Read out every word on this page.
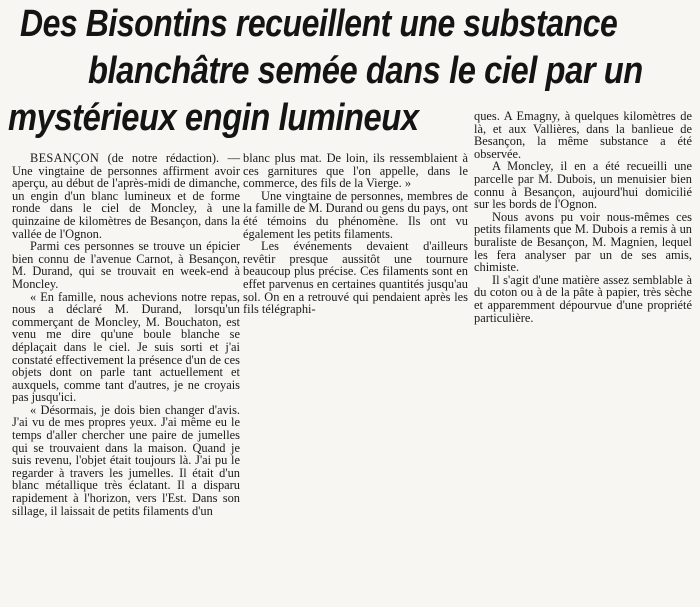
Des Bisontins recueillent une substance
blanchâtre semée dans le ciel par un
mystérieux engin lumineux

BESANÇON (de notre rédaction). — Une vingtaine de personnes affirment avoir aperçu, au début de l'après-midi de dimanche, un engin d'un blanc lumineux et de forme ronde dans le ciel de Moncley, à une quinzaine de kilomètres de Besançon, dans la vallée de l'Ognon.

Parmi ces personnes se trouve un épicier bien connu de l'avenue Carnot, à Besançon, M. Durand, qui se trouvait en week-end à Moncley.

« En famille, nous achevions notre repas, nous a déclaré M. Durand, lorsqu'un commerçant de Moncley, M. Bouchaton, est venu me dire qu'une boule blanche se déplaçait dans le ciel. Je suis sorti et j'ai constaté effectivement la présence d'un de ces objets dont on parle tant actuellement et auxquels, comme tant d'autres, je ne croyais pas jusqu'ici.

« Désormais, je dois bien changer d'avis. J'ai vu de mes propres yeux. J'ai même eu le temps d'aller chercher une paire de jumelles qui se trouvaient dans la maison. Quand je suis revenu, l'objet était toujours là. J'ai pu le regarder à travers les jumelles. Il était d'un blanc métallique très éclatant. Il a disparu rapidement à l'horizon, vers l'Est. Dans son sillage, il laissait de petits filaments d'un

blanc plus mat. De loin, ils ressemblaient à ces garnitures que l'on appelle, dans le commerce, des fils de la Vierge. »

Une vingtaine de personnes, membres de la famille de M. Durand ou gens du pays, ont été témoins du phénomène. Ils ont vu également les petits filaments.

Les événements devaient d'ailleurs revêtir presque aussitôt une tournure beaucoup plus précise. Ces filaments sont en effet parvenus en certaines quantités jusqu'au sol. On en a retrouvé qui pendaient après les fils télégraphi-

ques. A Emagny, à quelques kilomètres de là, et aux Vallières, dans la banlieue de Besançon, la même substance a été observée.

A Moncley, il en a été recueilli une parcelle par M. Dubois, un menuisier bien connu à Besançon, aujourd'hui domicilié sur les bords de l'Ognon.

Nous avons pu voir nous-mêmes ces petits filaments que M. Dubois a remis à un buraliste de Besançon, M. Magnien, lequel les fera analyser par un de ses amis, chimiste.

Il s'agit d'une matière assez semblable à du coton ou à de la pâte à papier, très sèche et apparemment dépourvue d'une propriété particulière.
